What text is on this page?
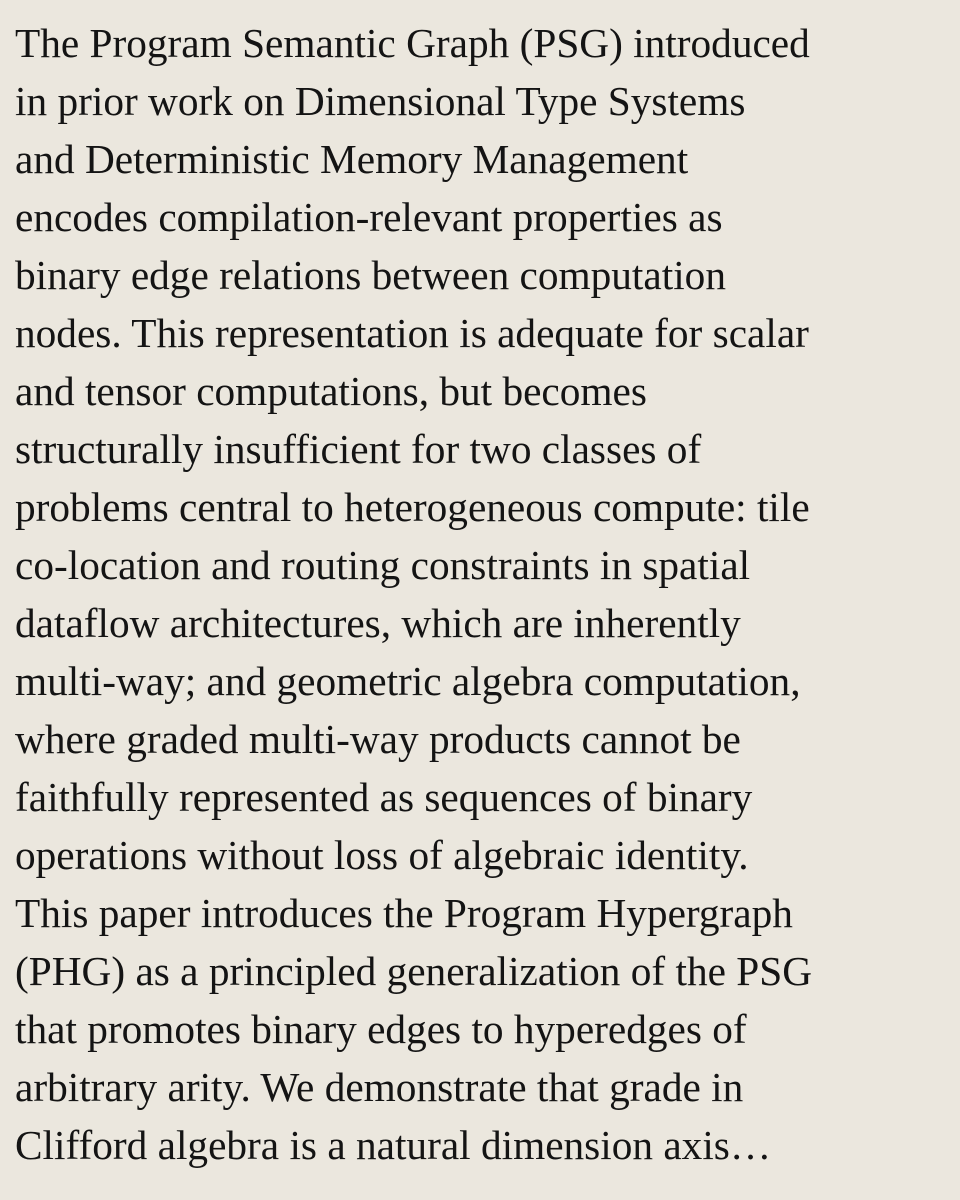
The Program Semantic Graph (PSG) introduced
in prior work on Dimensional Type Systems
and Deterministic Memory Management
encodes compilation-relevant properties as
binary edge relations between computation
nodes. This representation is adequate for scalar
and tensor computations, but becomes
structurally insufficient for two classes of
problems central to heterogeneous compute: tile
co-location and routing constraints in spatial
dataflow architectures, which are inherently
multi-way; and geometric algebra computation,
where graded multi-way products cannot be
faithfully represented as sequences of binary
operations without loss of algebraic identity.
This paper introduces the Program Hypergraph
(PHG) as a principled generalization of the PSG
that promotes binary edges to hyperedges of
arbitrary arity. We demonstrate that grade in
Clifford algebra is a natural dimension axis…
